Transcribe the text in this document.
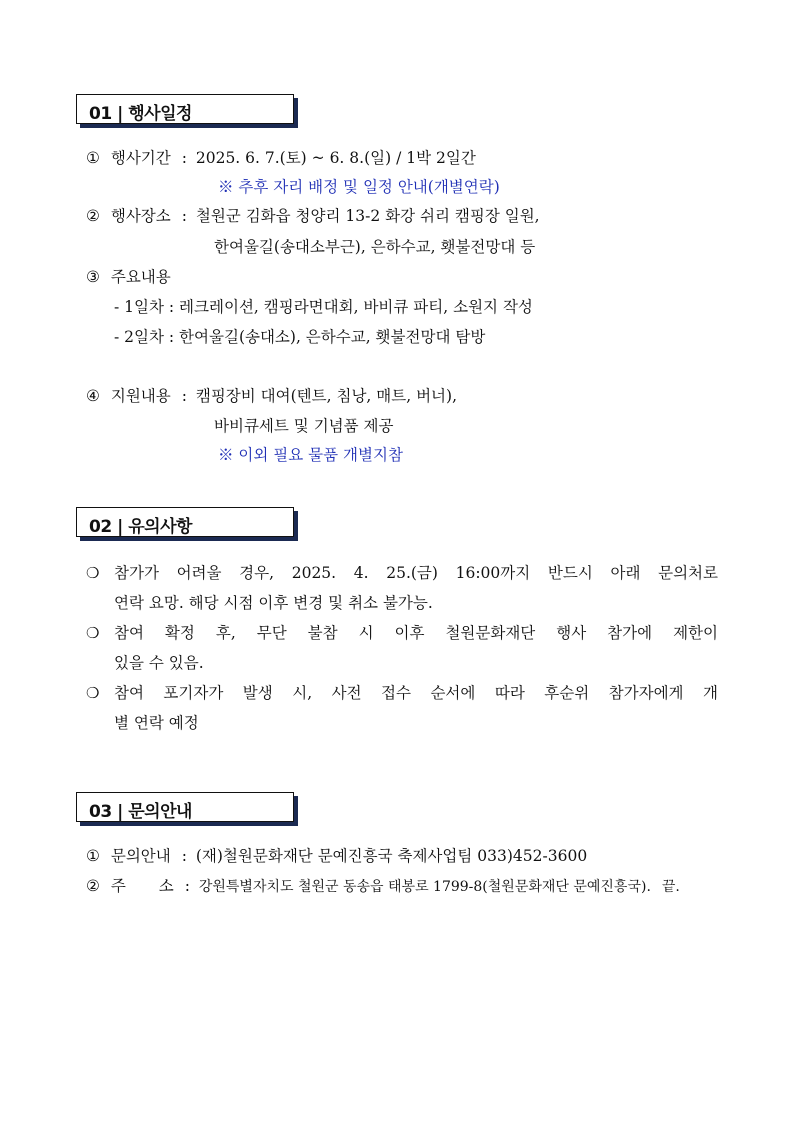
01 | 행사일정
① 행사기간 : 2025. 6. 7.(토) ~ 6. 8.(일) / 1박 2일간
※ 추후 자리 배정 및 일정 안내(개별연락)
② 행사장소 : 철원군 김화읍 청양리 13-2 화강 쉬리 캠핑장 일원,
한여울길(송대소부근), 은하수교, 횃불전망대 등
③ 주요내용
- 1일차 : 레크레이션, 캠핑라면대회, 바비큐 파티, 소원지 작성
- 2일차 : 한여울길(송대소), 은하수교, 횃불전망대 탐방
④ 지원내용 : 캠핑장비 대여(텐트, 침낭, 매트, 버너),
바비큐세트 및 기념품 제공
※ 이외 필요 물품 개별지참
02 | 유의사항
❍ 참가가 어려울 경우, 2025. 4. 25.(금) 16:00까지 반드시 아래 문의처로
연락 요망. 해당 시점 이후 변경 및 취소 불가능.
❍ 참여 확정 후, 무단 불참 시 이후 철원문화재단 행사 참가에 제한이
있을 수 있음.
❍ 참여 포기자가 발생 시, 사전 접수 순서에 따라 후순위 참가자에게 개
별 연락 예정
03 | 문의안내
① 문의안내 : (재)철원문화재단 문예진흥국 축제사업팀 033)452-3600
② 주 소 : 강원특별자치도 철원군 동송읍 태봉로 1799-8(철원문화재단 문예진흥국). 끝.
